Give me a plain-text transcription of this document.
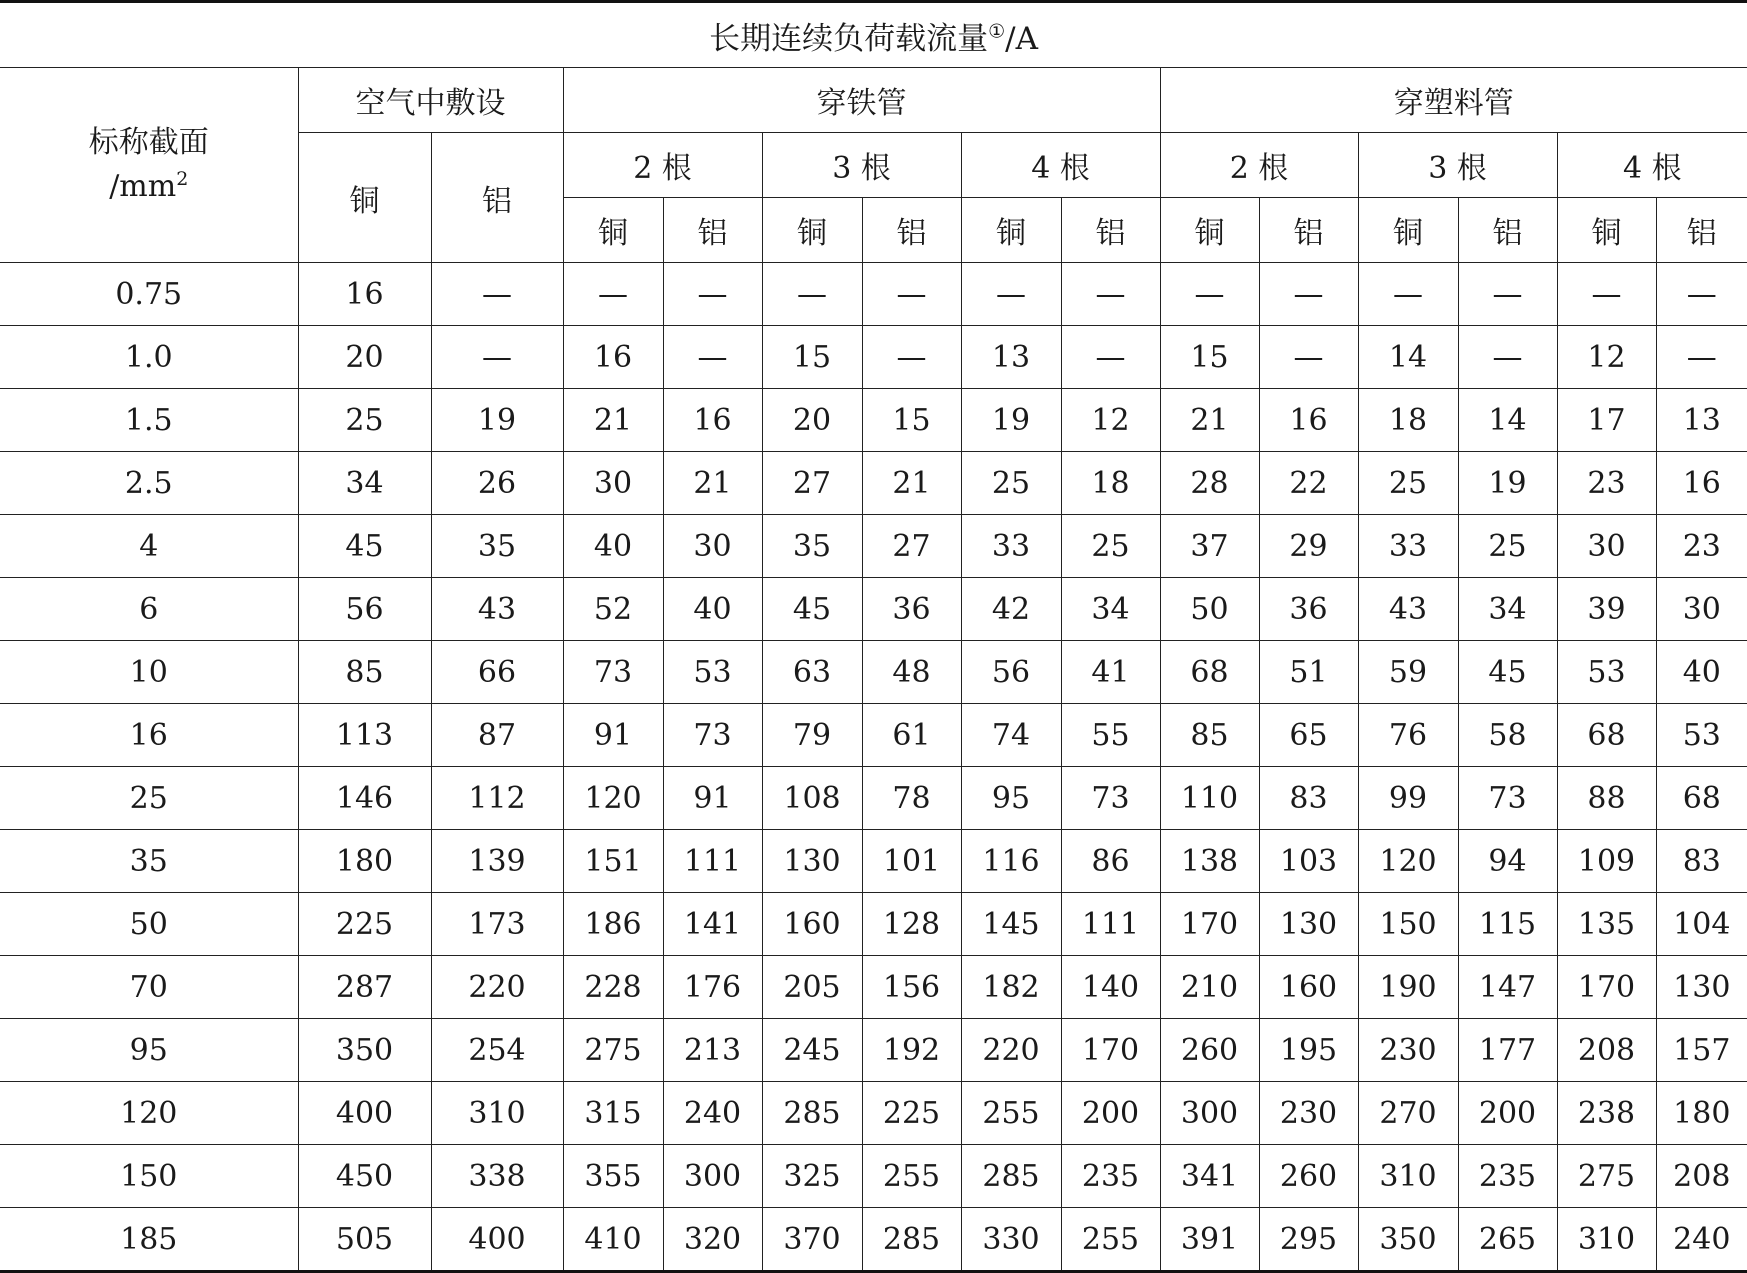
长期连续负荷载流量①/A														
标称截面
$/mm^2$	空气中敷设		穿铁管						穿塑料管					
	铜	铝	2 根		3 根		4 根		2 根		3 根		4 根	
			铜	铝	铜	铝	铜	铝	铜	铝	铜	铝	铜	铝
0.75	16	—	—	—	—	—	—	—	—	—	—	—	—	—
1.0	20	—	16	—	15	—	13	—	15	—	14	—	12	—
1.5	25	19	21	16	20	15	19	12	21	16	18	14	17	13
2.5	34	26	30	21	27	21	25	18	28	22	25	19	23	16
4	45	35	40	30	35	27	33	25	37	29	33	25	30	23
6	56	43	52	40	45	36	42	34	50	36	43	34	39	30
10	85	66	73	53	63	48	56	41	68	51	59	45	53	40
16	113	87	91	73	79	61	74	55	85	65	76	58	68	53
25	146	112	120	91	108	78	95	73	110	83	99	73	88	68
35	180	139	151	111	130	101	116	86	138	103	120	94	109	83
50	225	173	186	141	160	128	145	111	170	130	150	115	135	104
70	287	220	228	176	205	156	182	140	210	160	190	147	170	130
95	350	254	275	213	245	192	220	170	260	195	230	177	208	157
120	400	310	315	240	285	225	255	200	300	230	270	200	238	180
150	450	338	355	300	325	255	285	235	341	260	310	235	275	208
185	505	400	410	320	370	285	330	255	391	295	350	265	310	240
